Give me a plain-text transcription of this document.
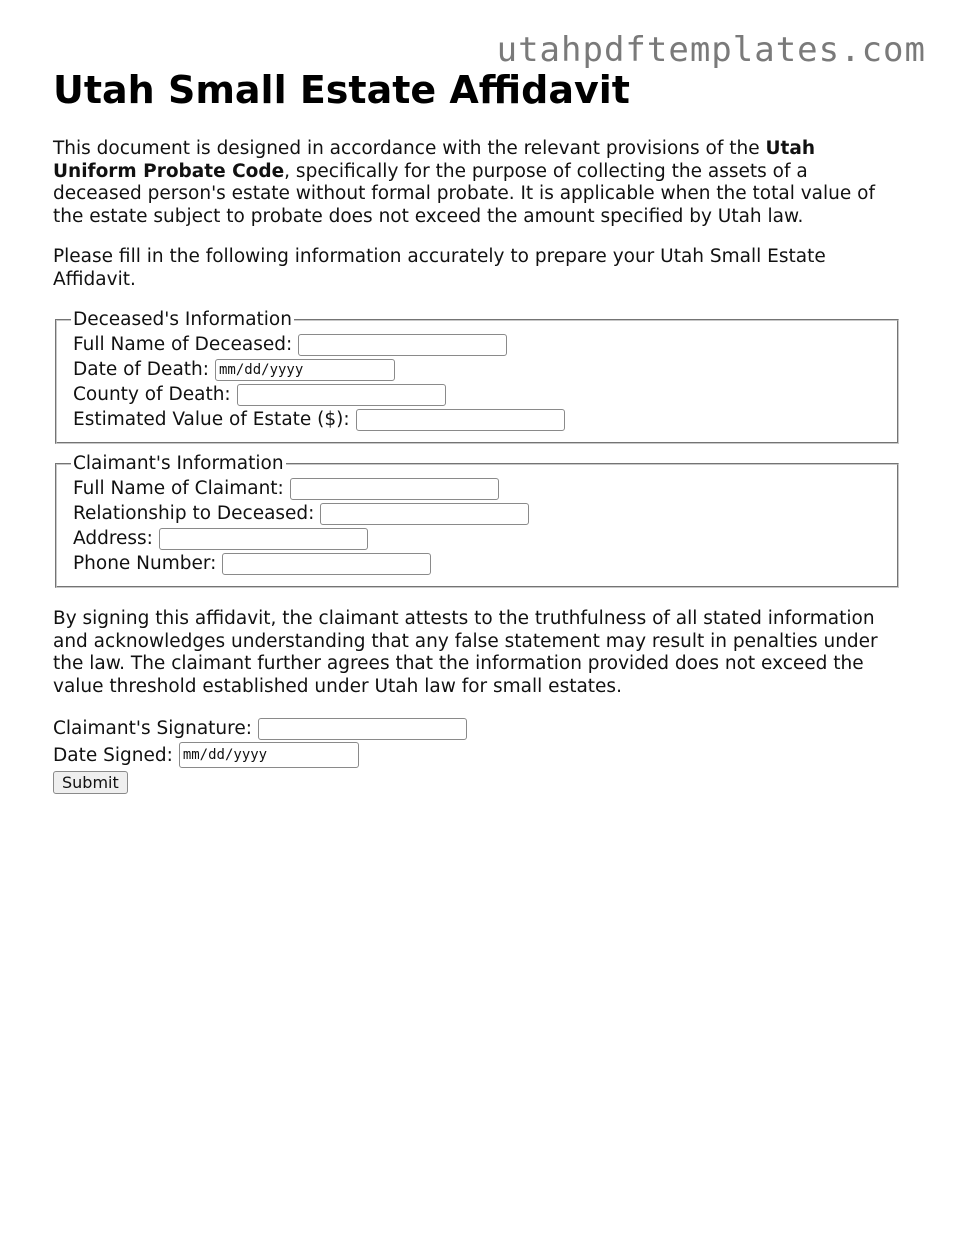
utahpdftemplates.com
Utah Small Estate Affidavit

This document is designed in accordance with the relevant provisions of the Utah Uniform Probate Code, specifically for the purpose of collecting the assets of a deceased person's estate without formal probate. It is applicable when the total value of the estate subject to probate does not exceed the amount specified by Utah law.

Please fill in the following information accurately to prepare your Utah Small Estate Affidavit.

Deceased's Information
Full Name of Deceased:
Date of Death:
mm/dd/yyyy
County of Death:
Estimated Value of Estate ($):
Claimant's Information
Full Name of Claimant:
Relationship to Deceased:
Address:
Phone Number:

By signing this affidavit, the claimant attests to the truthfulness of all stated information and acknowledges understanding that any false statement may result in penalties under the law. The claimant further agrees that the information provided does not exceed the value threshold established under Utah law for small estates.

Claimant's Signature:
Date Signed:
mm/dd/yyyy
Submit
